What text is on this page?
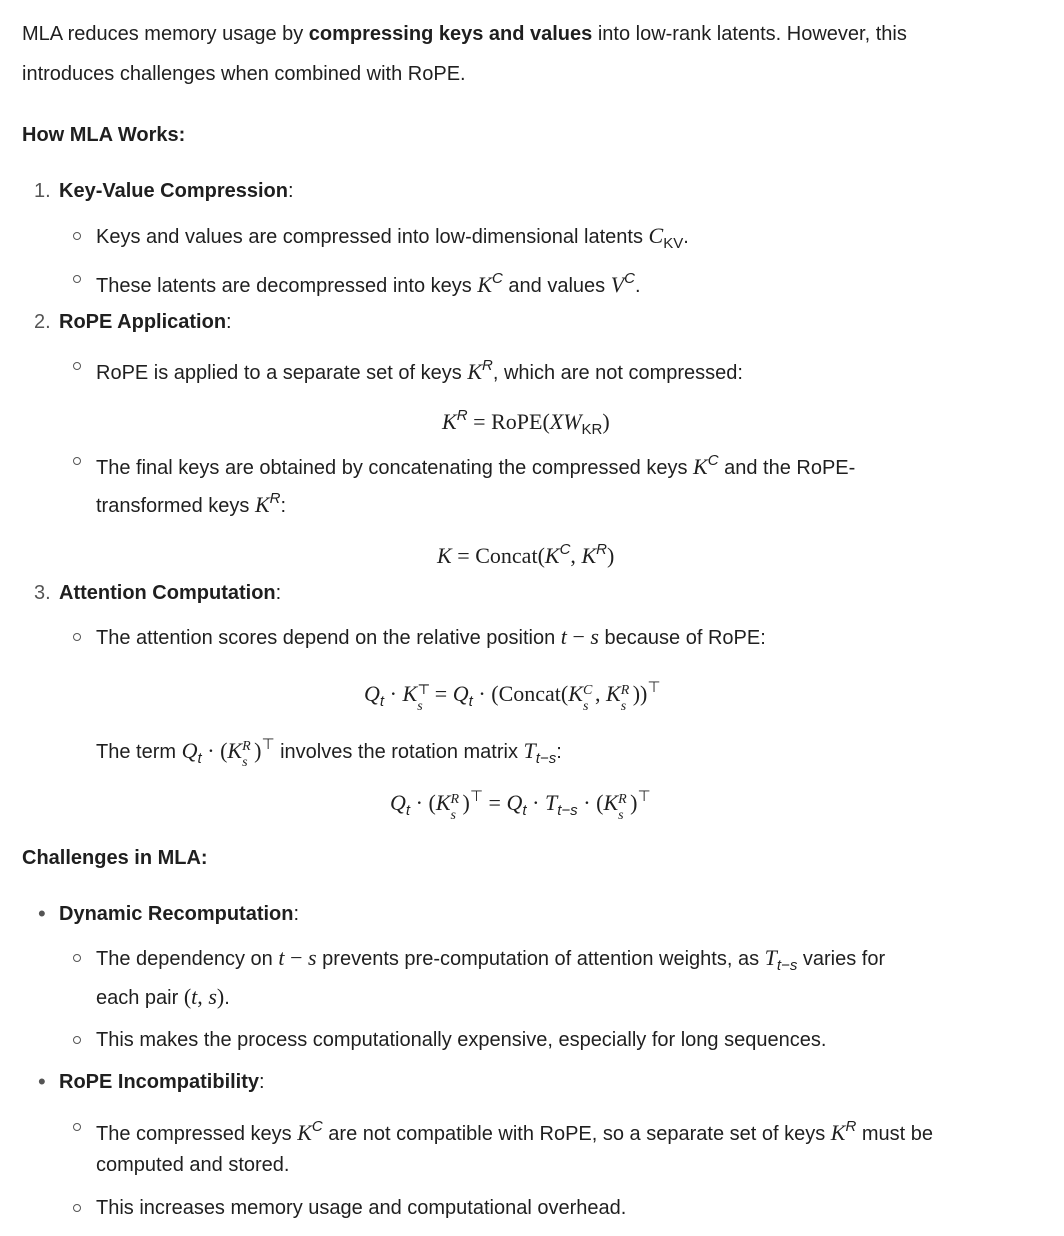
MLA reduces memory usage by compressing keys and values into low-rank latents. However, this
introduces challenges when combined with RoPE.
How MLA Works:
1. Key-Value Compression:
Keys and values are compressed into low-dimensional latents $C_{KV}$.
These latents are decompressed into keys $K^C$ and values $V^C$.
2. RoPE Application:
RoPE is applied to a separate set of keys $K^R$, which are not compressed:
$K^R$ = $RoPE(XW_{KR})$
The final keys are obtained by concatenating the compressed keys $K^C$ and the RoPE-
transformed keys $K^R$:
$K = Concat(K^C$, $K^R$)
3. Attention Computation:
The attention scores depend on the relative position t − s because of RoPE:
$Q_t \cdot K$ ⊤
s
= $Q_t$ · (Concat(K C
s
, K R
s
))⊤
The term $Q_t \cdot (K$ R
s )⊤ involves the rotation matrix $T_{t-s}$:
$Q_t \cdot (K$ R
s
)$^⊤ = Q_t \cdot T_{t-s} \cdot (K$ R
s
)⊤
Challenges in MLA:
• Dynamic Recomputation:
The dependency on t − s prevents pre-computation of attention weights, as $T_{t-s}$ varies for
each pair (t, s).
This makes the process computationally expensive, especially for long sequences.
• RoPE Incompatibility:
The compressed keys $K^C$ are not compatible with RoPE, so a separate set of keys $K^R$ must be
computed and stored.
This increases memory usage and computational overhead.
